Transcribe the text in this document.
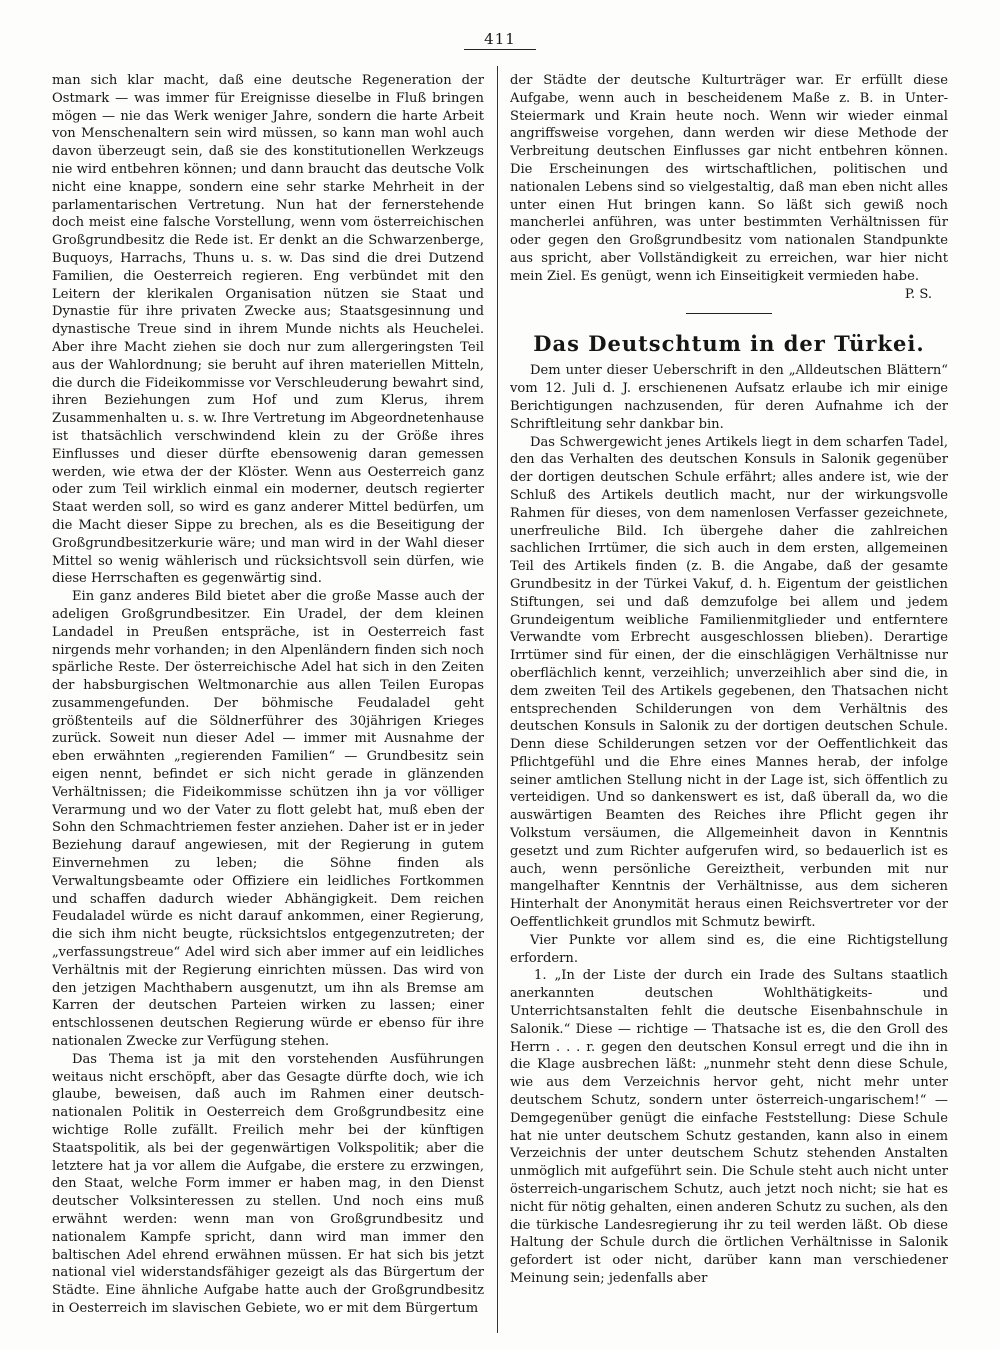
411

man sich klar macht, daß eine deutsche Regeneration der Ostmark — was immer für Ereignisse dieselbe in Fluß bringen mögen — nie das Werk weniger Jahre, sondern die harte Arbeit von Menschenaltern sein wird müssen, so kann man wohl auch davon überzeugt sein, daß sie des konstitutionellen Werkzeugs nie wird entbehren können; und dann braucht das deutsche Volk nicht eine knappe, sondern eine sehr starke Mehrheit in der parlamentarischen Vertretung. Nun hat der fernerstehende doch meist eine falsche Vorstellung, wenn vom österreichischen Großgrundbesitz die Rede ist. Er denkt an die Schwarzenberge, Buquoys, Harrachs, Thuns u. s. w. Das sind die drei Dutzend Familien, die Oesterreich regieren. Eng verbündet mit den Leitern der klerikalen Organisation nützen sie Staat und Dynastie für ihre privaten Zwecke aus; Staatsgesinnung und dynastische Treue sind in ihrem Munde nichts als Heuchelei. Aber ihre Macht ziehen sie doch nur zum allergeringsten Teil aus der Wahlordnung; sie beruht auf ihren materiellen Mitteln, die durch die Fideikommisse vor Verschleuderung bewahrt sind, ihren Beziehungen zum Hof und zum Klerus, ihrem Zusammenhalten u. s. w. Ihre Vertretung im Abgeordnetenhause ist thatsächlich verschwindend klein zu der Größe ihres Einflusses und dieser dürfte ebensowenig daran gemessen werden, wie etwa der der Klöster. Wenn aus Oesterreich ganz oder zum Teil wirklich einmal ein moderner, deutsch regierter Staat werden soll, so wird es ganz anderer Mittel bedürfen, um die Macht dieser Sippe zu brechen, als es die Beseitigung der Großgrundbesitzerkurie wäre; und man wird in der Wahl dieser Mittel so wenig wählerisch und rücksichtsvoll sein dürfen, wie diese Herrschaften es gegenwärtig sind.

Ein ganz anderes Bild bietet aber die große Masse auch der adeligen Großgrundbesitzer. Ein Uradel, der dem kleinen Landadel in Preußen entspräche, ist in Oesterreich fast nirgends mehr vorhanden; in den Alpenländern finden sich noch spärliche Reste. Der österreichische Adel hat sich in den Zeiten der habsburgischen Weltmonarchie aus allen Teilen Europas zusammengefunden. Der böhmische Feudaladel geht größtenteils auf die Söldnerführer des 30jährigen Krieges zurück. Soweit nun dieser Adel — immer mit Ausnahme der eben erwähnten „regierenden Familien“ — Grundbesitz sein eigen nennt, befindet er sich nicht gerade in glänzenden Verhältnissen; die Fideikommisse schützen ihn ja vor völliger Verarmung und wo der Vater zu flott gelebt hat, muß eben der Sohn den Schmachtriemen fester anziehen. Daher ist er in jeder Beziehung darauf angewiesen, mit der Regierung in gutem Einvernehmen zu leben; die Söhne finden als Verwaltungsbeamte oder Offiziere ein leidliches Fortkommen und schaffen dadurch wieder Abhängigkeit. Dem reichen Feudaladel würde es nicht darauf ankommen, einer Regierung, die sich ihm nicht beugte, rücksichtslos entgegenzutreten; der „verfassungstreue“ Adel wird sich aber immer auf ein leidliches Verhältnis mit der Regierung einrichten müssen. Das wird von den jetzigen Machthabern ausgenutzt, um ihn als Bremse am Karren der deutschen Parteien wirken zu lassen; einer entschlossenen deutschen Regierung würde er ebenso für ihre nationalen Zwecke zur Verfügung stehen.

Das Thema ist ja mit den vorstehenden Ausführungen weitaus nicht erschöpft, aber das Gesagte dürfte doch, wie ich glaube, beweisen, daß auch im Rahmen einer deutsch-nationalen Politik in Oesterreich dem Großgrundbesitz eine wichtige Rolle zufällt. Freilich mehr bei der künftigen Staatspolitik, als bei der gegenwärtigen Volkspolitik; aber die letztere hat ja vor allem die Aufgabe, die erstere zu erzwingen, den Staat, welche Form immer er haben mag, in den Dienst deutscher Volksinteressen zu stellen. Und noch eins muß erwähnt werden: wenn man von Großgrundbesitz und nationalem Kampfe spricht, dann wird man immer den baltischen Adel ehrend erwähnen müssen. Er hat sich bis jetzt national viel widerstandsfähiger gezeigt als das Bürgertum der Städte. Eine ähnliche Aufgabe hatte auch der Großgrundbesitz in Oesterreich im slavischen Gebiete, wo er mit dem Bürgertum

der Städte der deutsche Kulturträger war. Er erfüllt diese Aufgabe, wenn auch in bescheidenem Maße z. B. in Unter-Steiermark und Krain heute noch. Wenn wir wieder einmal angriffsweise vorgehen, dann werden wir diese Methode der Verbreitung deutschen Einflusses gar nicht entbehren können. Die Erscheinungen des wirtschaftlichen, politischen und nationalen Lebens sind so vielgestaltig, daß man eben nicht alles unter einen Hut bringen kann. So läßt sich gewiß noch mancherlei anführen, was unter bestimmten Verhältnissen für oder gegen den Großgrundbesitz vom nationalen Standpunkte aus spricht, aber Vollständigkeit zu erreichen, war hier nicht mein Ziel. Es genügt, wenn ich Einseitigkeit vermieden habe.

P. S.

Das Deutschtum in der Türkei.

Dem unter dieser Ueberschrift in den „Alldeutschen Blättern“ vom 12. Juli d. J. erschienenen Aufsatz erlaube ich mir einige Berichtigungen nachzusenden, für deren Aufnahme ich der Schriftleitung sehr dankbar bin.

Das Schwergewicht jenes Artikels liegt in dem scharfen Tadel, den das Verhalten des deutschen Konsuls in Salonik gegenüber der dortigen deutschen Schule erfährt; alles andere ist, wie der Schluß des Artikels deutlich macht, nur der wirkungsvolle Rahmen für dieses, von dem namenlosen Verfasser gezeichnete, unerfreuliche Bild. Ich übergehe daher die zahlreichen sachlichen Irrtümer, die sich auch in dem ersten, allgemeinen Teil des Artikels finden (z. B. die Angabe, daß der gesamte Grundbesitz in der Türkei Vakuf, d. h. Eigentum der geistlichen Stiftungen, sei und daß demzufolge bei allem und jedem Grundeigentum weibliche Familienmitglieder und entferntere Verwandte vom Erbrecht ausgeschlossen blieben). Derartige Irrtümer sind für einen, der die einschlägigen Verhältnisse nur oberflächlich kennt, verzeihlich; unverzeihlich aber sind die, in dem zweiten Teil des Artikels gegebenen, den Thatsachen nicht entsprechenden Schilderungen von dem Verhältnis des deutschen Konsuls in Salonik zu der dortigen deutschen Schule. Denn diese Schilderungen setzen vor der Oeffentlichkeit das Pflichtgefühl und die Ehre eines Mannes herab, der infolge seiner amtlichen Stellung nicht in der Lage ist, sich öffentlich zu verteidigen. Und so dankenswert es ist, daß überall da, wo die auswärtigen Beamten des Reiches ihre Pflicht gegen ihr Volkstum versäumen, die Allgemeinheit davon in Kenntnis gesetzt und zum Richter aufgerufen wird, so bedauerlich ist es auch, wenn persönliche Gereiztheit, verbunden mit nur mangelhafter Kenntnis der Verhältnisse, aus dem sicheren Hinterhalt der Anonymität heraus einen Reichsvertreter vor der Oeffentlichkeit grundlos mit Schmutz bewirft.

Vier Punkte vor allem sind es, die eine Richtigstellung erfordern.

1. „In der Liste der durch ein Irade des Sultans staatlich anerkannten deutschen Wohlthätigkeits- und Unterrichtsanstalten fehlt die deutsche Eisenbahnschule in Salonik.“ Diese — richtige — Thatsache ist es, die den Groll des Herrn . . . r. gegen den deutschen Konsul erregt und die ihn in die Klage ausbrechen läßt: „nunmehr steht denn diese Schule, wie aus dem Verzeichnis hervor geht, nicht mehr unter deutschem Schutz, sondern unter österreich-ungarischem!“ — Demgegenüber genügt die einfache Feststellung: Diese Schule hat nie unter deutschem Schutz gestanden, kann also in einem Verzeichnis der unter deutschem Schutz stehenden Anstalten unmöglich mit aufgeführt sein. Die Schule steht auch nicht unter österreich-ungarischem Schutz, auch jetzt noch nicht; sie hat es nicht für nötig gehalten, einen anderen Schutz zu suchen, als den die türkische Landesregierung ihr zu teil werden läßt. Ob diese Haltung der Schule durch die örtlichen Verhältnisse in Salonik gefordert ist oder nicht, darüber kann man verschiedener Meinung sein; jedenfalls aber
